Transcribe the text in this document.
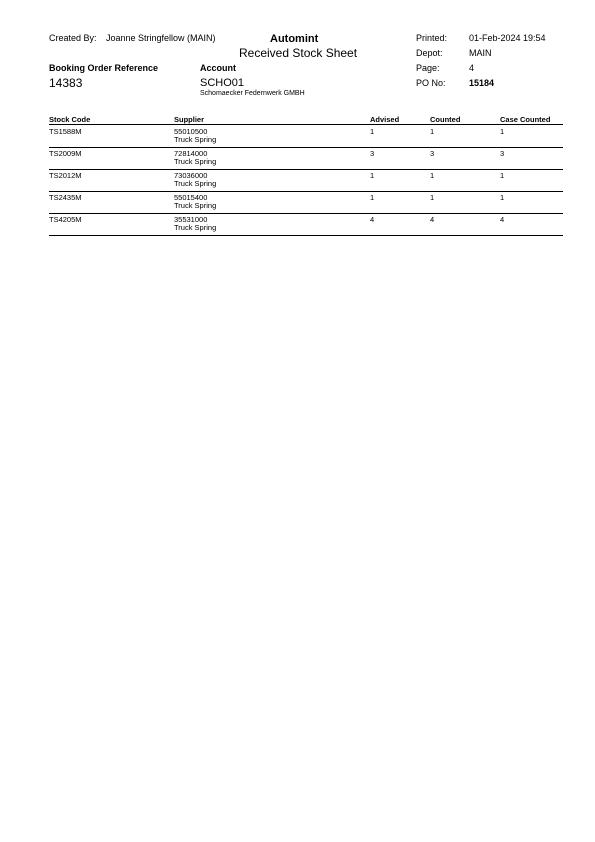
Created By: Joanne Stringfellow (MAIN)	Automint
Received Stock Sheet
Printed: 01-Feb-2024 19:54
Depot:	MAIN
Page:	4
PO No:	15184
Booking Order Reference
14383
Account
SCHO01
Schomaecker Federnwerk GMBH
Stock Code	Supplier	Advised	Counted	Case Counted
TS1588M	55010500
Truck Spring
1	1	1
TS2009M	72814000
Truck Spring
3	3	3
TS2012M	73036000
Truck Spring
1	1	1
TS2435M	55015400
Truck Spring
1	1	1
TS4205M	35531000
Truck Spring
4	4	4
